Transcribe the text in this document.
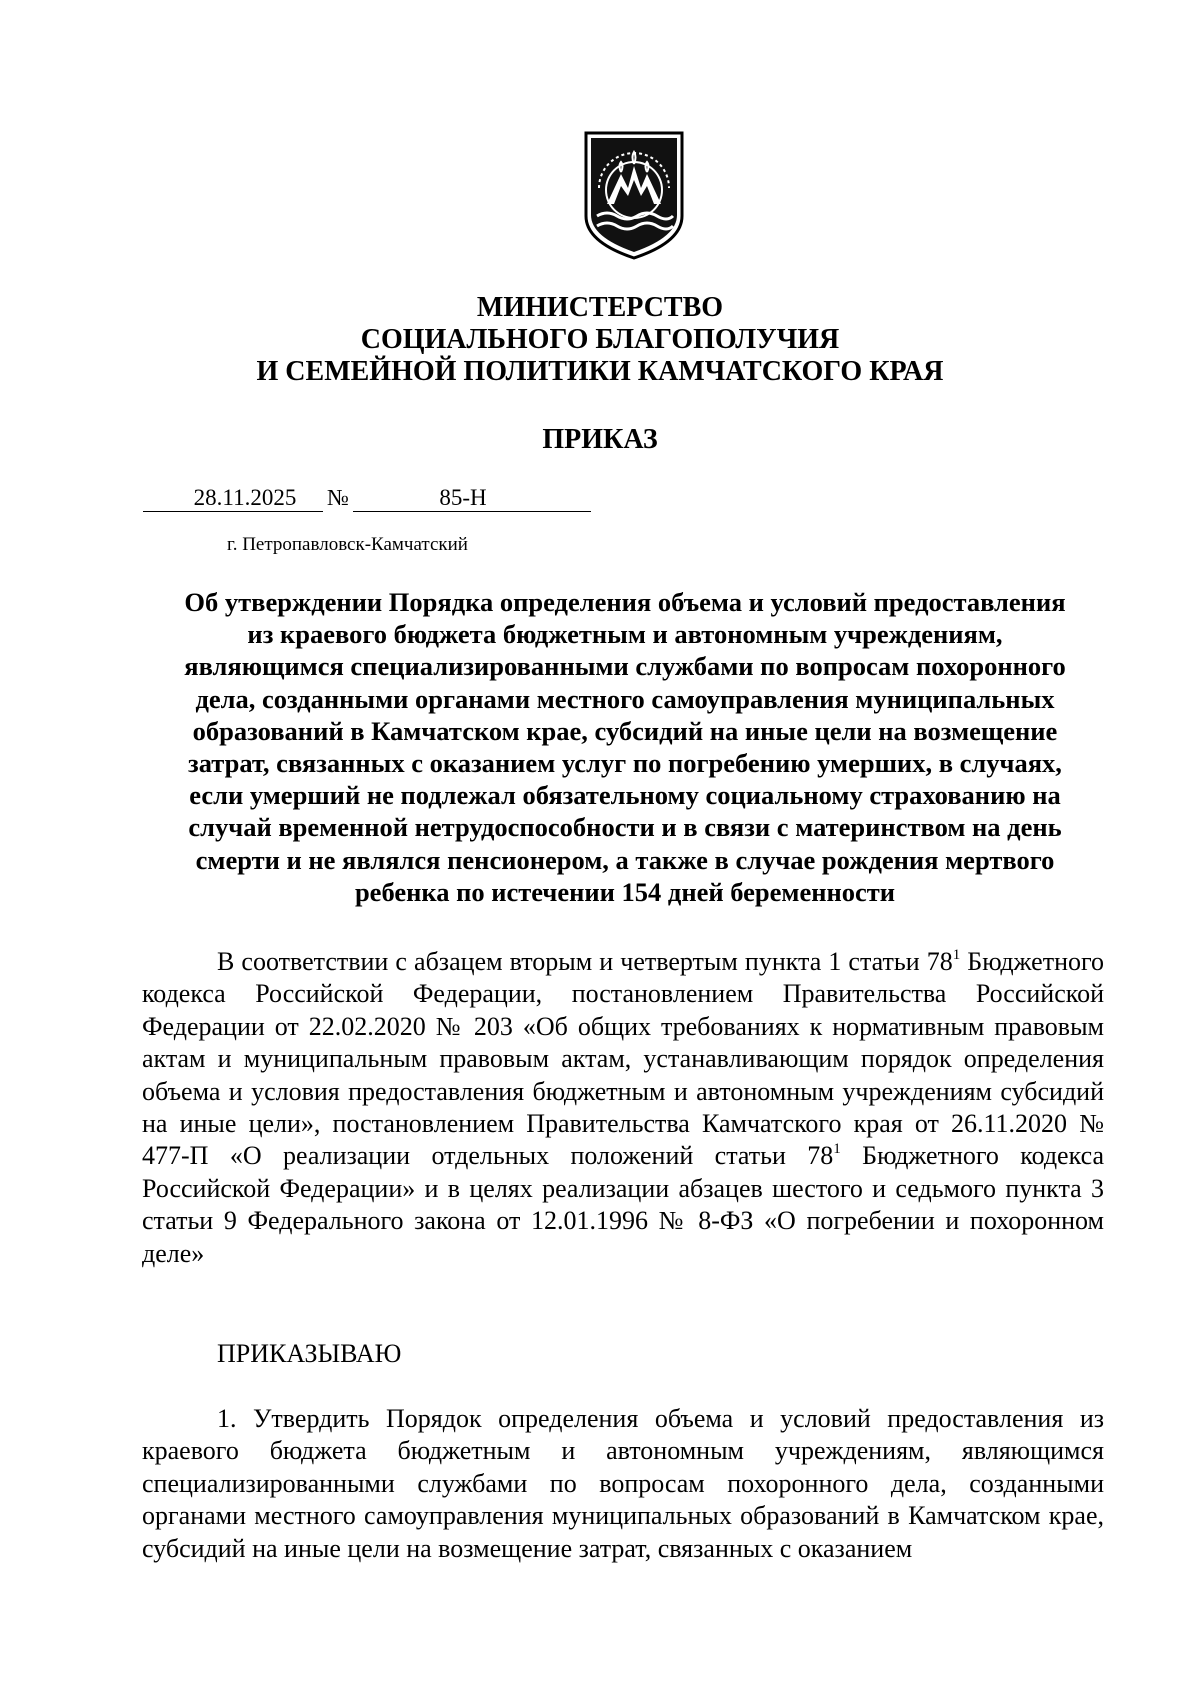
МИНИСТЕРСТВО
СОЦИАЛЬНОГО БЛАГОПОЛУЧИЯ
И СЕМЕЙНОЙ ПОЛИТИКИ КАМЧАТСКОГО КРАЯ
ПРИКАЗ
28.11.2025 №	85-Н
г. Петропавловск-Камчатский
Об утверждении Порядка определения объема и условий предоставления
из краевого бюджета бюджетным и автономным учреждениям,
являющимся специализированными службами по вопросам похоронного
дела, созданными органами местного самоуправления муниципальных
образований в Камчатском крае, субсидий на иные цели на возмещение
затрат, связанных с оказанием услуг по погребению умерших, в случаях,
если умерший не подлежал обязательному социальному страхованию на
случай временной нетрудоспособности и в связи с материнством на день
смерти и не являлся пенсионером, а также в случае рождения мертвого
ребенка по истечении 154 дней беременности
В соответствии с абзацем вторым и четвертым пункта 1 статьи $78^1$ Бюджетного кодекса Российской Федерации, постановлением Правительства Российской Федерации от 22.02.2020 № 203 «Об общих требованиях к нормативным правовым актам и муниципальным правовым актам, устанавливающим порядок определения объема и условия предоставления бюджетным и автономным учреждениям субсидий на иные цели», постановлением Правительства Камчатского края от 26.11.2020 № 477-П «О реализации отдельных положений статьи $78^1$ Бюджетного кодекса Российской Федерации» и в целях реализации абзацев шестого и седьмого пункта 3 статьи 9 Федерального закона от 12.01.1996 № 8-ФЗ «О погребении и похоронном деле»
ПРИКАЗЫВАЮ
1. Утвердить Порядок определения объема и условий предоставления из краевого бюджета бюджетным и автономным учреждениям, являющимся специализированными службами по вопросам похоронного дела, созданными органами местного самоуправления муниципальных образований в Камчатском крае, субсидий на иные цели на возмещение затрат, связанных с оказанием
